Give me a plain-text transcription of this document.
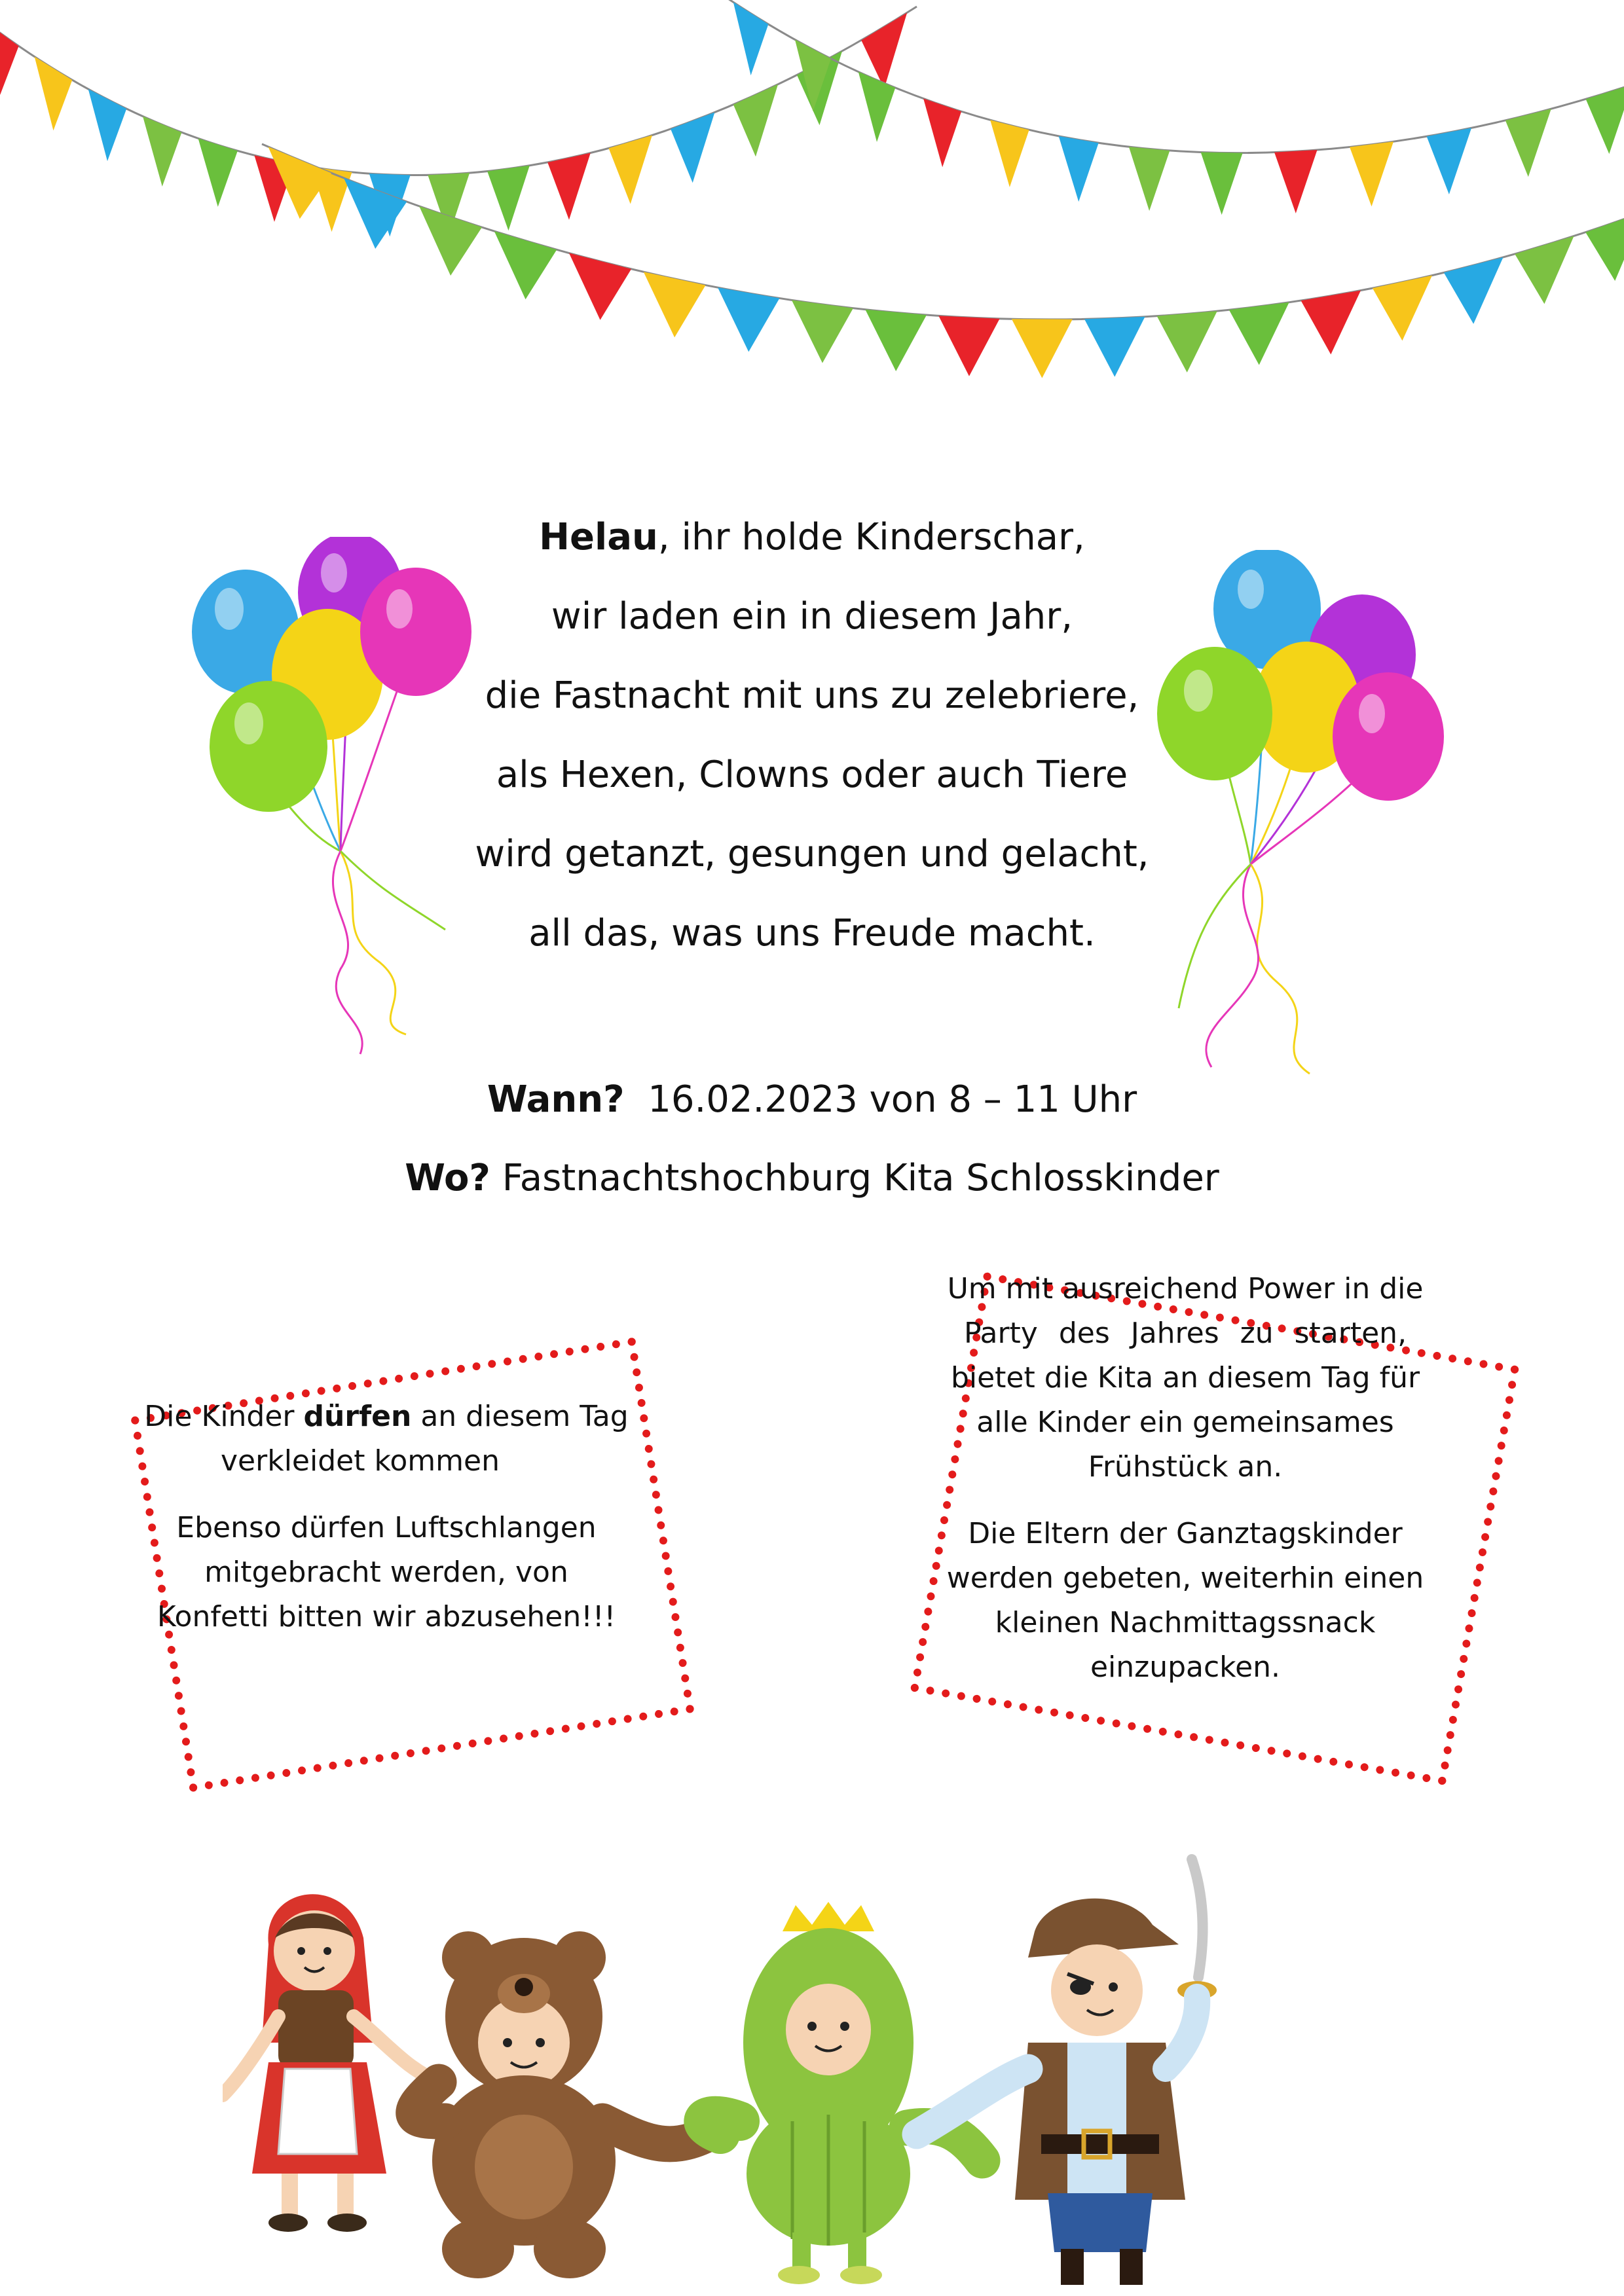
Helau, ihr holde Kinderschar,
wir laden ein in diesem Jahr,
die Fastnacht mit uns zu zelebriere,
als Hexen, Clowns oder auch Tiere
wird getanzt, gesungen und gelacht,
all das, was uns Freude macht.
Wann? 16.02.2023 von 8 – 11 Uhr
Wo? Fastnachtshochburg Kita Schlosskinder

Die Kinder dürfen an diesem Tag

verkleidet kommen

Ebenso dürfen Luftschlangen

mitgebracht werden, von

Konfetti bitten wir abzusehen!!!

Um mit ausreichend Power in die

Party des Jahres zu starten,

bietet die Kita an diesem Tag für

alle Kinder ein gemeinsames

Frühstück an.

Die Eltern der Ganztagskinder

werden gebeten, weiterhin einen

kleinen Nachmittagssnack

einzupacken.
